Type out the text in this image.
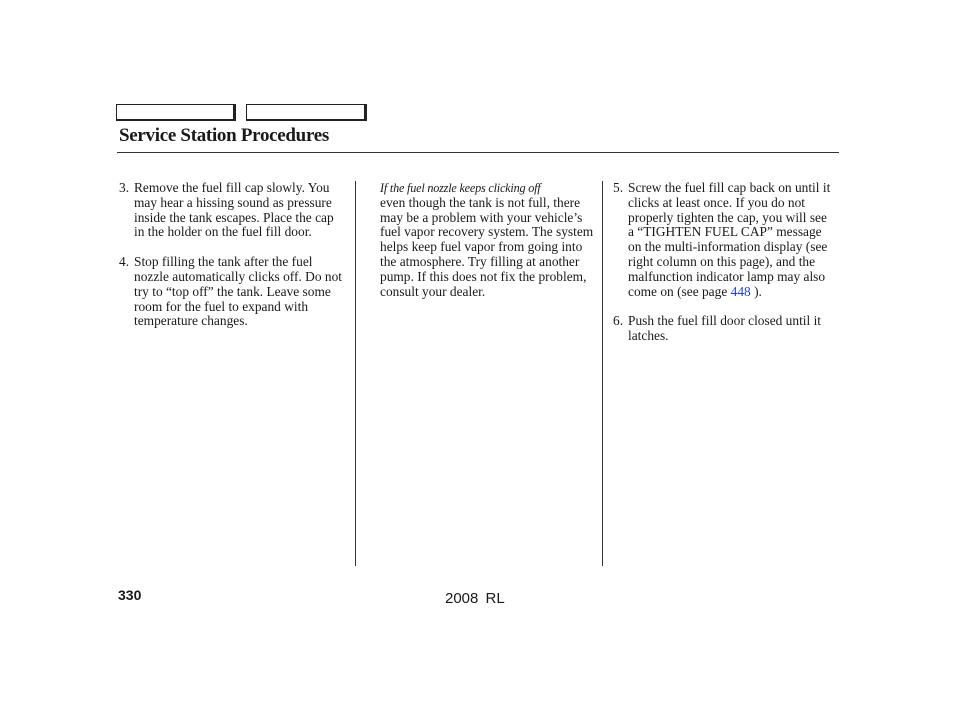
Service Station Procedures
3. Remove the fuel fill cap slowly. You may hear a hissing sound as pressure inside the tank escapes. Place the cap in the holder on the fuel fill door.
4. Stop filling the tank after the fuel nozzle automatically clicks off. Do not try to “top off” the tank. Leave some room for the fuel to expand with temperature changes.
If the fuel nozzle keeps clicking off
even though the tank is not full, there may be a problem with your vehicle’s fuel vapor recovery system. The system helps keep fuel vapor from going into the atmosphere. Try filling at another pump. If this does not fix the problem, consult your dealer.
5. Screw the fuel fill cap back on until it clicks at least once. If you do not properly tighten the cap, you will see a “TIGHTEN FUEL CAP” message on the multi-information display (see right column on this page), and the malfunction indicator lamp may also come on (see page 448 ).
6. Push the fuel fill door closed until it latches.
330	2008 RL
